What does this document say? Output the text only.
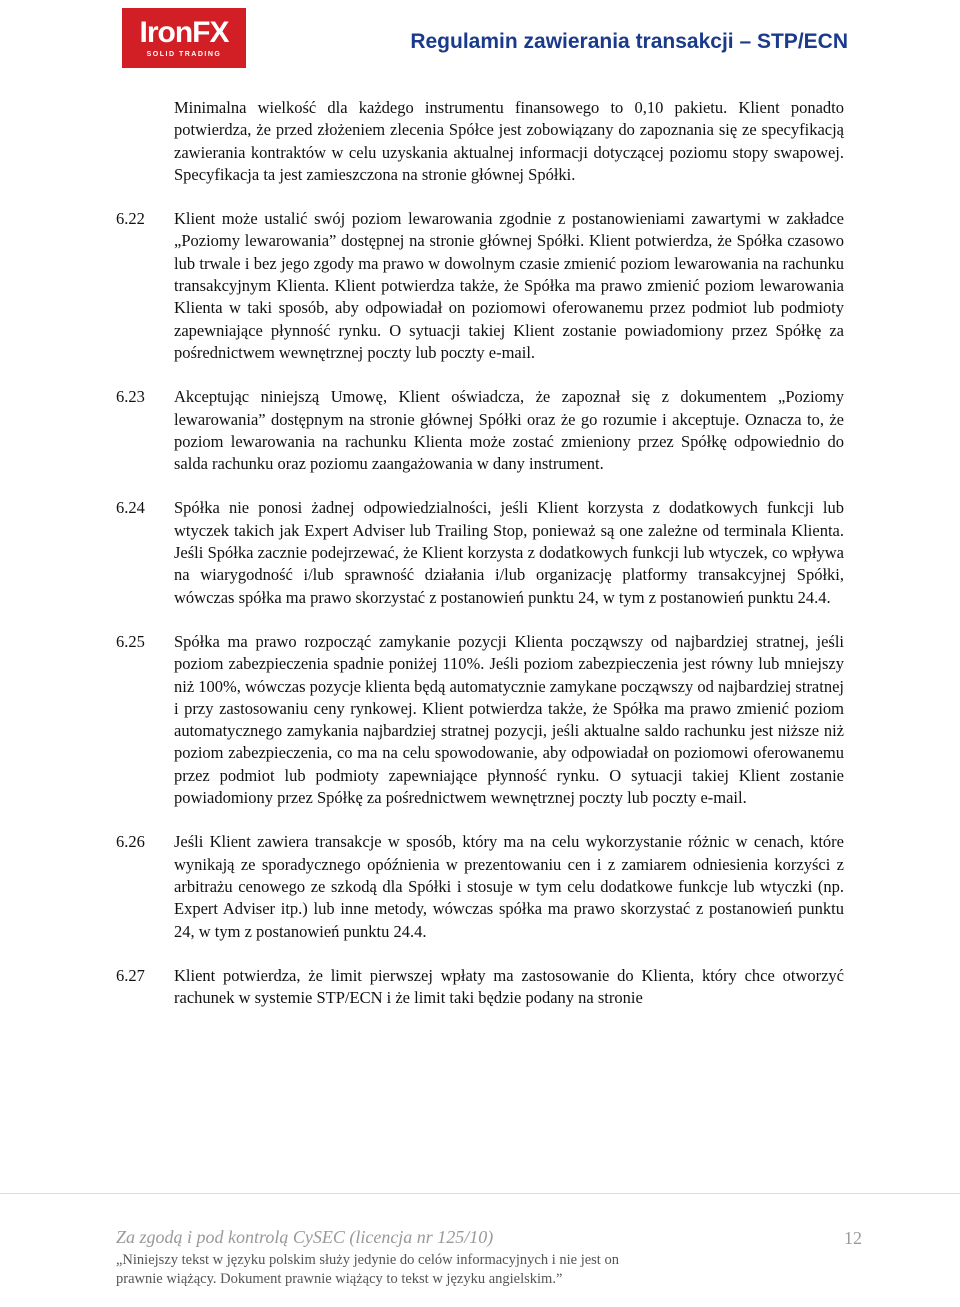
IronFX
SOLID TRADING
Regulamin zawierania transakcji – STP/ECN
Minimalna wielkość dla każdego instrumentu finansowego to 0,10 pakietu. Klient ponadto potwierdza, że przed złożeniem zlecenia Spółce jest zobowiązany do zapoznania się ze specyfikacją zawierania kontraktów w celu uzyskania aktualnej informacji dotyczącej poziomu stopy swapowej. Specyfikacja ta jest zamieszczona na stronie głównej Spółki.
6.22	Klient może ustalić swój poziom lewarowania zgodnie z postanowieniami zawartymi w zakładce „Poziomy lewarowania” dostępnej na stronie głównej Spółki. Klient potwierdza, że Spółka czasowo lub trwale i bez jego zgody ma prawo w dowolnym czasie zmienić poziom lewarowania na rachunku transakcyjnym Klienta. Klient potwierdza także, że Spółka ma prawo zmienić poziom lewarowania Klienta w taki sposób, aby odpowiadał on poziomowi oferowanemu przez podmiot lub podmioty zapewniające płynność rynku. O sytuacji takiej Klient zostanie powiadomiony przez Spółkę za pośrednictwem wewnętrznej poczty lub poczty e-mail.
6.23	Akceptując niniejszą Umowę, Klient oświadcza, że zapoznał się z dokumentem „Poziomy lewarowania” dostępnym na stronie głównej Spółki oraz że go rozumie i akceptuje. Oznacza to, że poziom lewarowania na rachunku Klienta może zostać zmieniony przez Spółkę odpowiednio do salda rachunku oraz poziomu zaangażowania w dany instrument.
6.24	Spółka nie ponosi żadnej odpowiedzialności, jeśli Klient korzysta z dodatkowych funkcji lub wtyczek takich jak Expert Adviser lub Trailing Stop, ponieważ są one zależne od terminala Klienta. Jeśli Spółka zacznie podejrzewać, że Klient korzysta z dodatkowych funkcji lub wtyczek, co wpływa na wiarygodność i/lub sprawność działania i/lub organizację platformy transakcyjnej Spółki, wówczas spółka ma prawo skorzystać z postanowień punktu 24, w tym z postanowień punktu 24.4.
6.25	Spółka ma prawo rozpocząć zamykanie pozycji Klienta począwszy od najbardziej stratnej, jeśli poziom zabezpieczenia spadnie poniżej 110%. Jeśli poziom zabezpieczenia jest równy lub mniejszy niż 100%, wówczas pozycje klienta będą automatycznie zamykane począwszy od najbardziej stratnej i przy zastosowaniu ceny rynkowej. Klient potwierdza także, że Spółka ma prawo zmienić poziom automatycznego zamykania najbardziej stratnej pozycji, jeśli aktualne saldo rachunku jest niższe niż poziom zabezpieczenia, co ma na celu spowodowanie, aby odpowiadał on poziomowi oferowanemu przez podmiot lub podmioty zapewniające płynność rynku. O sytuacji takiej Klient zostanie powiadomiony przez Spółkę za pośrednictwem wewnętrznej poczty lub poczty e-mail.
6.26	Jeśli Klient zawiera transakcje w sposób, który ma na celu wykorzystanie różnic w cenach, które wynikają ze sporadycznego opóźnienia w prezentowaniu cen i z zamiarem odniesienia korzyści z arbitrażu cenowego ze szkodą dla Spółki i stosuje w tym celu dodatkowe funkcje lub wtyczki (np. Expert Adviser itp.) lub inne metody, wówczas spółka ma prawo skorzystać z postanowień punktu 24, w tym z postanowień punktu 24.4.
6.27	Klient potwierdza, że limit pierwszej wpłaty ma zastosowanie do Klienta, który chce otworzyć rachunek w systemie STP/ECN i że limit taki będzie podany na stronie
Za zgodą i pod kontrolą CySEC (licencja nr 125/10)
„Niniejszy tekst w języku polskim służy jedynie do celów informacyjnych i nie jest on prawnie wiążący. Dokument prawnie wiążący to tekst w języku angielskim.”
12
